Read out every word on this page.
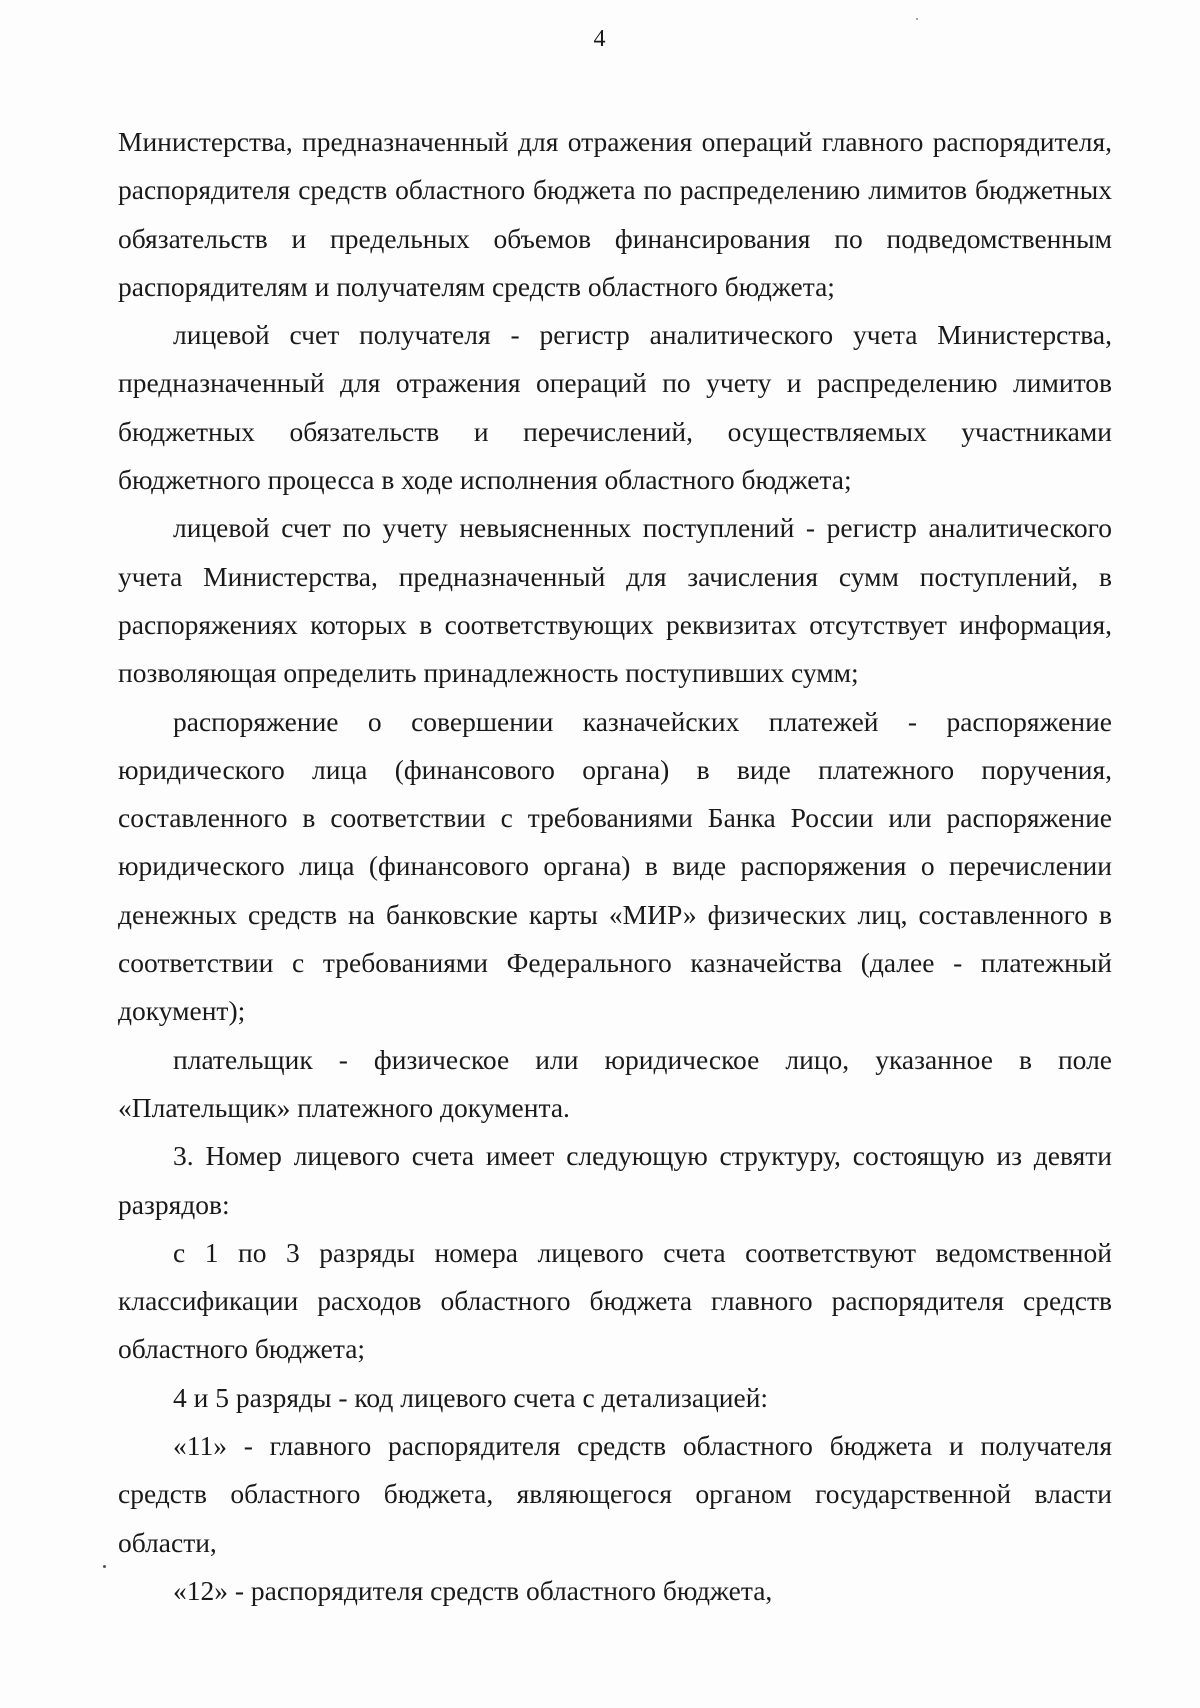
4

Министерства, предназначенный для отражения операций главного распорядителя, распорядителя средств областного бюджета по распределению лимитов бюджетных обязательств и предельных объемов финансирования по подведомственным распорядителям и получателям средств областного бюджета;

лицевой счет получателя - регистр аналитического учета Министерства, предназначенный для отражения операций по учету и распределению лимитов бюджетных обязательств и перечислений, осуществляемых участниками бюджетного процесса в ходе исполнения областного бюджета;

лицевой счет по учету невыясненных поступлений - регистр аналитического учета Министерства, предназначенный для зачисления сумм поступлений, в распоряжениях которых в соответствующих реквизитах отсутствует информация, позволяющая определить принадлежность поступивших сумм;

распоряжение о совершении казначейских платежей - распоряжение юридического лица (финансового органа) в виде платежного поручения, составленного в соответствии с требованиями Банка России или распоряжение юридического лица (финансового органа) в виде распоряжения о перечислении денежных средств на банковские карты «МИР» физических лиц, составленного в соответствии с требованиями Федерального казначейства (далее - платежный документ);

плательщик - физическое или юридическое лицо, указанное в поле «Плательщик» платежного документа.

3. Номер лицевого счета имеет следующую структуру, состоящую из девяти разрядов:

с 1 по 3 разряды номера лицевого счета соответствуют ведомственной классификации расходов областного бюджета главного распорядителя средств областного бюджета;

4 и 5 разряды - код лицевого счета с детализацией:

«11» - главного распорядителя средств областного бюджета и получателя средств областного бюджета, являющегося органом государственной власти области,

«12» - распорядителя средств областного бюджета,
